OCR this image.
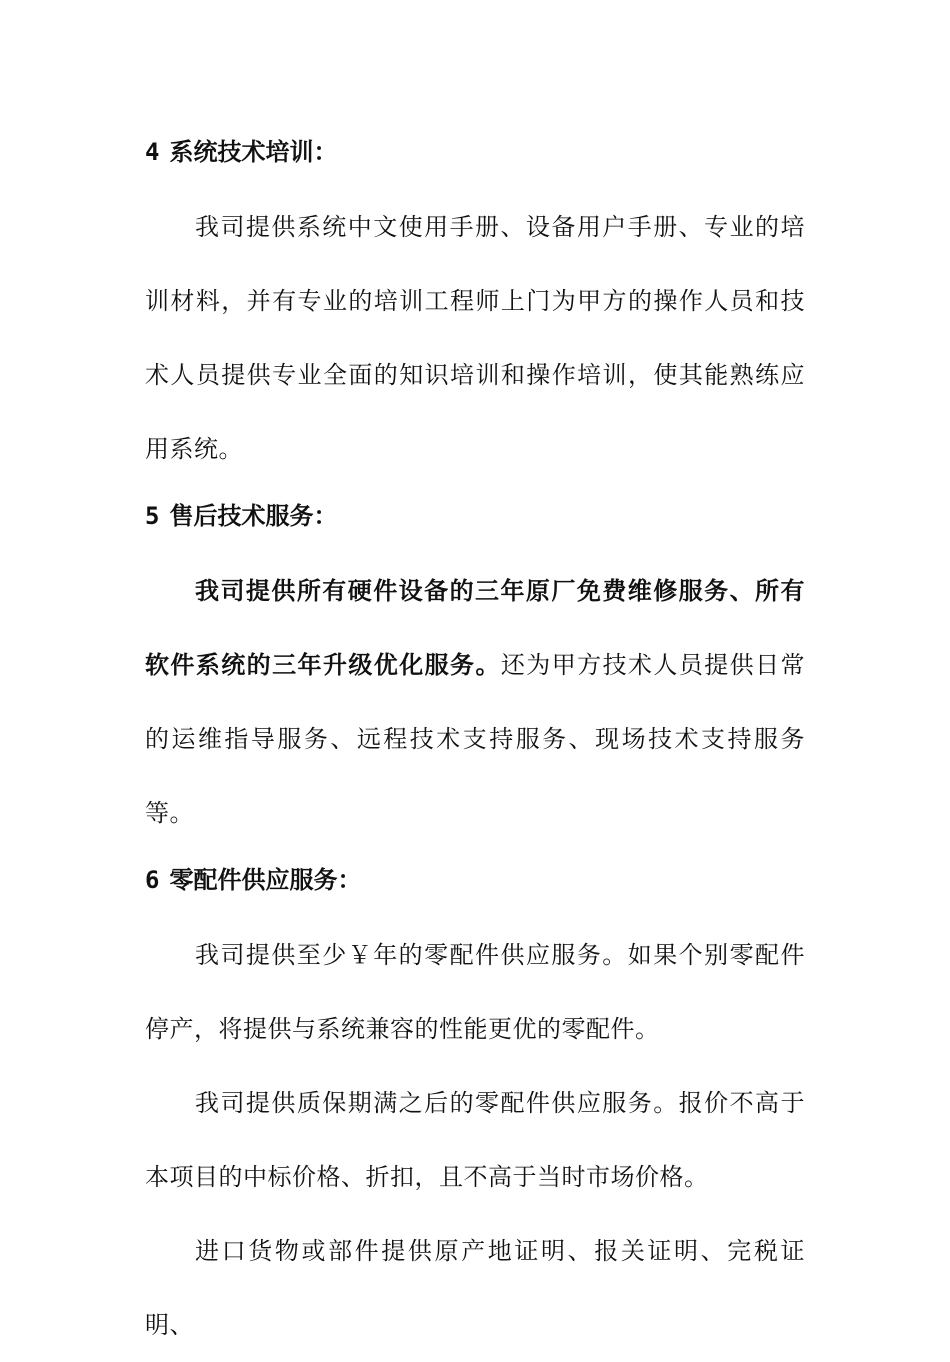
4 系统技术培训：

我司提供系统中文使用手册、设备用户手册、专业的培训材料，并有专业的培训工程师上门为甲方的操作人员和技术人员提供专业全面的知识培训和操作培训，使其能熟练应用系统。

5 售后技术服务：

我司提供所有硬件设备的三年原厂免费维修服务、所有软件系统的三年升级优化服务。还为甲方技术人员提供日常的运维指导服务、远程技术支持服务、现场技术支持服务等。

6 零配件供应服务：

我司提供至少￥年的零配件供应服务。如果个别零配件停产，将提供与系统兼容的性能更优的零配件。

我司提供质保期满之后的零配件供应服务。报价不高于本项目的中标价格、折扣，且不高于当时市场价格。

进口货物或部件提供原产地证明、报关证明、完税证明、
